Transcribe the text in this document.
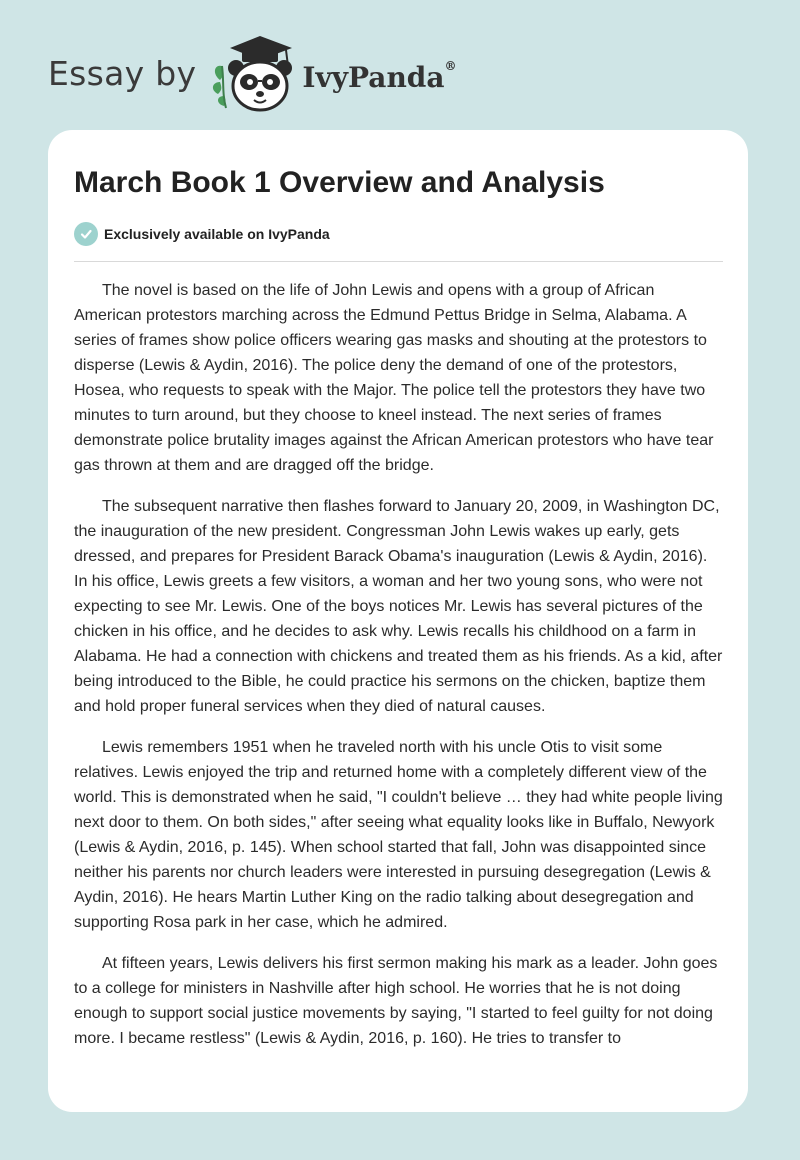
Essay by	IvyPanda®
March Book 1 Overview and Analysis
Exclusively available on IvyPanda

The novel is based on the life of John Lewis and opens with a group of African American protestors marching across the Edmund Pettus Bridge in Selma, Alabama. A series of frames show police officers wearing gas masks and shouting at the protestors to disperse (Lewis & Aydin, 2016). The police deny the demand of one of the protestors, Hosea, who requests to speak with the Major. The police tell the protestors they have two minutes to turn around, but they choose to kneel instead. The next series of frames demonstrate police brutality images against the African American protestors who have tear gas thrown at them and are dragged off the bridge.

The subsequent narrative then flashes forward to January 20, 2009, in Washington DC, the inauguration of the new president. Congressman John Lewis wakes up early, gets dressed, and prepares for President Barack Obama's inauguration (Lewis & Aydin, 2016). In his office, Lewis greets a few visitors, a woman and her two young sons, who were not expecting to see Mr. Lewis. One of the boys notices Mr. Lewis has several pictures of the chicken in his office, and he decides to ask why. Lewis recalls his childhood on a farm in Alabama. He had a connection with chickens and treated them as his friends. As a kid, after being introduced to the Bible, he could practice his sermons on the chicken, baptize them and hold proper funeral services when they died of natural causes.

Lewis remembers 1951 when he traveled north with his uncle Otis to visit some relatives. Lewis enjoyed the trip and returned home with a completely different view of the world. This is demonstrated when he said, "I couldn't believe … they had white people living next door to them. On both sides," after seeing what equality looks like in Buffalo, Newyork (Lewis & Aydin, 2016, p. 145). When school started that fall, John was disappointed since neither his parents nor church leaders were interested in pursuing desegregation (Lewis & Aydin, 2016). He hears Martin Luther King on the radio talking about desegregation and supporting Rosa park in her case, which he admired.

At fifteen years, Lewis delivers his first sermon making his mark as a leader. John goes to a college for ministers in Nashville after high school. He worries that he is not doing enough to support social justice movements by saying, "I started to feel guilty for not doing more. I became restless" (Lewis & Aydin, 2016, p. 160). He tries to transfer to
